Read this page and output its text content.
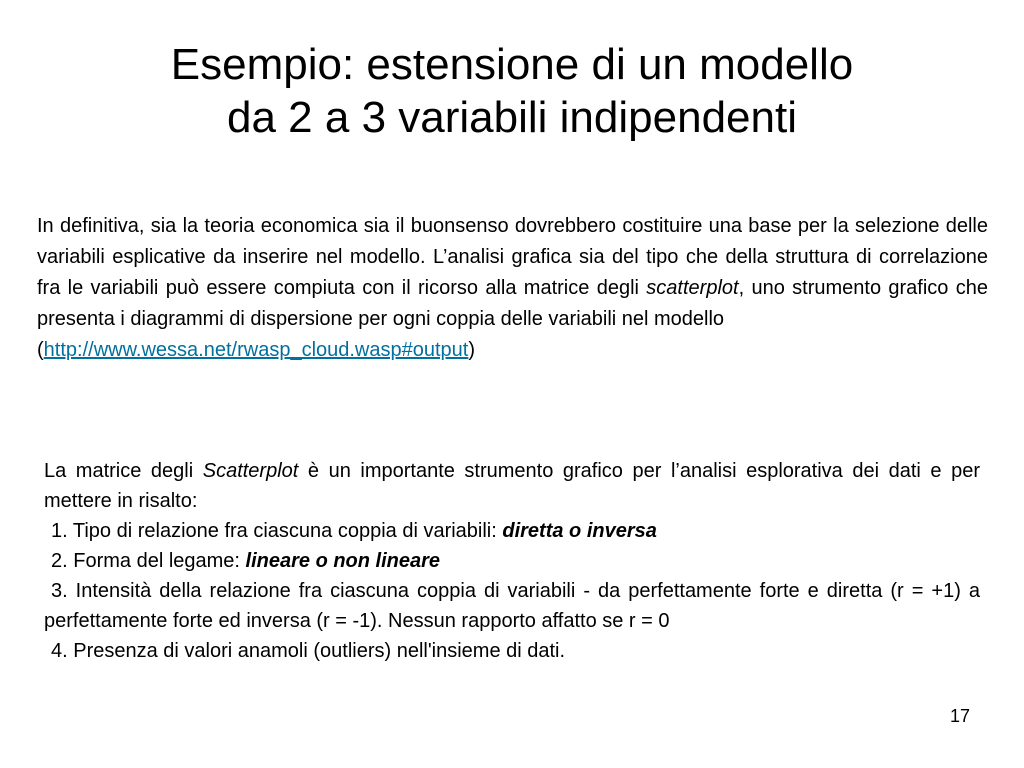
Esempio: estensione di un modello
da 2 a 3 variabili indipendenti

In definitiva, sia la teoria economica sia il buonsenso dovrebbero costituire una base per la selezione delle variabili esplicative da inserire nel modello. L’analisi grafica sia del tipo che della struttura di correlazione fra le variabili può essere compiuta con il ricorso alla matrice degli scatterplot, uno strumento grafico che presenta i diagrammi di dispersione per ogni coppia delle variabili nel modello
(http://www.wessa.net/rwasp_cloud.wasp#output)

La matrice degli Scatterplot è un importante strumento grafico per l’analisi esplorativa dei dati e per mettere in risalto:
1. Tipo di relazione fra ciascuna coppia di variabili: diretta o inversa
2. Forma del legame: lineare o non lineare
3. Intensità della relazione fra ciascuna coppia di variabili - da perfettamente forte e diretta (r = +1) a perfettamente forte ed inversa (r = -1). Nessun rapporto affatto se r = 0
4. Presenza di valori anamoli (outliers) nell'insieme di dati.
17
